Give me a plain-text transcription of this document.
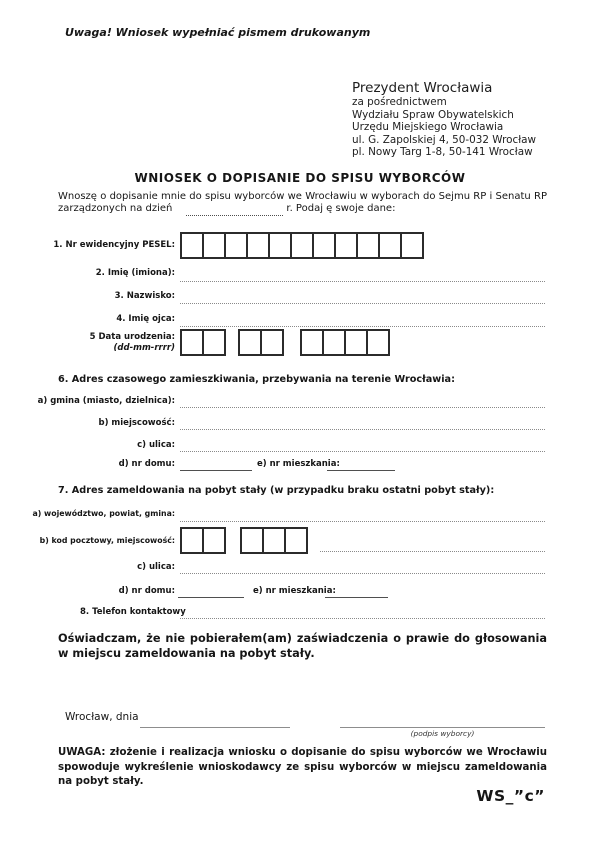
Uwaga! Wniosek wypełniać pismem drukowanym
Prezydent Wrocławia
za pośrednictwem
Wydziału Spraw Obywatelskich
Urzędu Miejskiego Wrocławia
ul. G. Zapolskiej 4, 50-032 Wrocław
pl. Nowy Targ 1-8, 50-141 Wrocław
WNIOSEK O DOPISANIE DO SPISU WYBORCÓW
Wnoszę o dopisanie mnie do spisu wyborców we Wrocławiu w wyborach do Sejmu RP i Senatu RP
zarządzonych na dzień	r. Podaj ę swoje dane:
1. Nr ewidencyjny PESEL:
2. Imię (imiona):
3. Nazwisko:
4. Imię ojca:
5 Data urodzenia:
(dd-mm-rrrr)
6. Adres czasowego zamieszkiwania, przebywania na terenie Wrocławia:
a) gmina (miasto, dzielnica):
b) miejscowość:
c) ulica:
d) nr domu:	e) nr mieszkania:
7. Adres zameldowania na pobyt stały (w przypadku braku ostatni pobyt stały):
a) województwo, powiat, gmina:
b) kod pocztowy, miejscowość:
c) ulica:
d) nr domu:	e) nr mieszkania:
8. Telefon kontaktowy
Oświadczam, że nie pobierałem(am) zaświadczenia o prawie do głosowania w miejscu zameldowania na pobyt stały.
Wrocław, dnia
(podpis wyborcy)
UWAGA: złożenie i realizacja wniosku o dopisanie do spisu wyborców we Wrocławiu spowoduje wykreślenie wnioskodawcy ze spisu wyborców w miejscu zameldowania na pobyt stały.
WS_”c”
